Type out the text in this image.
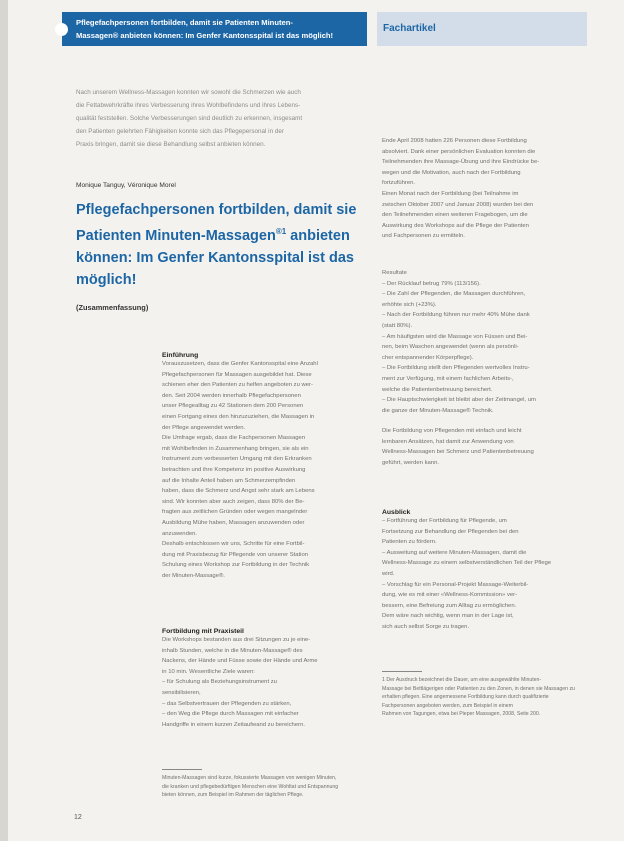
Pflegefachpersonen fortbilden, damit sie Patienten Minuten-
Massagen® anbieten können: Im Genfer Kantonsspital ist das möglich!
Fachartikel
Nach unserem Wellness-Massagen konnten wir sowohl die Schmerzen wie auch
die Fettabwehrkräfte ihres Verbesserung ihres Wohlbefindens und ihres Lebens-
qualität feststellen. Solche Verbesserungen sind deutlich zu erkennen, insgesamt
den Patienten gelehrten Fähigkeiten konnte sich das Pflegepersonal in der
Praxis bringen, damit sie diese Behandlung selbst anbieten können.
Monique Tanguy, Véronique Morel
Pflegefachpersonen fortbilden, damit sie Patienten Minuten-Massagen$^{®1}$ anbieten können: Im Genfer Kantonsspital ist das möglich!
(Zusammenfassung)
Einführung
Vorauszusetzen, dass die Genfer Kantonsspital eine Anzahl
Pflegefachpersonen für Massagen ausgebildet hat. Diese
schienen eher den Patienten zu helfen angeboten zu wer-
den. Seit 2004 werden innerhalb Pflegefachpersonen
unser Pflegealltag zu 42 Stationen dem 200 Personen
einen Fortgang eines den hinzuzuziehen, die Massagen in
der Pflege angewendet werden.
Die Umfrage ergab, dass die Fachpersonen Massagen
mit Wohlbefinden in Zusammenhang bringen, sie als ein
Instrument zum verbesserten Umgang mit den Erkranken
betrachten und ihre Kompetenz im positive Auswirkung
auf die Inhalte Anteil haben am Schmerzempfinden
haben, dass die Schmerz und Angst sehr stark am Lebens
sind. Wir konnten aber auch zeigen, dass 80% der Be-
fragten aus zeitlichen Gründen oder wegen mangelnder
Ausbildung Mühe haben, Massagen anzuwenden oder
anzuwenden.
Deshalb entschlossen wir uns, Schritte für eine Fortbil-
dung mit Praxisbezug für Pflegende von unserer Station
Schulung eines Workshop zur Fortbildung in der Technik
der Minuten-Massage®.
Fortbildung mit Praxisteil
Die Workshops bestanden aus drei Sitzungen zu je eine-
inhalb Stunden, welche in die Minuten-Massage® des
Nackens, der Hände und Füsse sowie der Hände und Arme
in 10 min. Wesentliche Ziele waren:
– für Schulung als Beziehungsinstrument zu
sensibilisieren,
– das Selbstvertrauen der Pflegenden zu stärken,
– den Weg die Pflege durch Massagen mit einfacher
Handgriffe in einem kurzen Zeitaufwand zu bereichern.
Minuten-Massagen sind kurze, fokussierte Massagen von wenigen Minuten,
die kranken und pflegebedürftigen Menschen eine Wohltat und Entspannung
bieten können, zum Beispiel im Rahmen der täglichen Pflege.
Ende April 2008 hatten 226 Personen diese Fortbildung
absolviert. Dank einer persönlichen Evaluation konnten die
Teilnehmenden ihre Massage-Übung und ihre Eindrücke be-
wegen und die Motivation, auch nach der Fortbildung
fortzuführen.
Einen Monat nach der Fortbildung (bei Teilnahme im
zwischen Oktober 2007 und Januar 2008) wurden bei den
den Teilnehmenden einen weiteren Fragebogen, um die
Auswirkung des Workshops auf die Pflege der Patienten
und Fachpersonen zu ermitteln.
Resultate
– Der Rücklauf betrug 79% (113/156).
– Die Zahl der Pflegenden, die Massagen durchführen,
erhöhte sich (+23%).
– Nach der Fortbildung führen nur mehr 40% Mühe dank
(statt 80%).
– Am häufigsten wird die Massage von Füssen und Bei-
nen, beim Waschen angewendet (wenn als persönli-
cher entspannender Körperpflege).
– Die Fortbildung stellt den Pflegenden wertvolles Instru-
ment zur Verfügung, mit einem fachlichen Arbeits-,
welche die Patientenbetreuung bereichert.
– Die Hauptschwierigkeit ist bleibt aber der Zeitmangel, um
die ganze der Minuten-Massage® Technik.
Die Fortbildung von Pflegenden mit einfach und leicht
lernbaren Ansätzen, hat damit zur Anwendung von
Wellness-Massagen bei Schmerz und Patientenbetreuung
geführt, werden kann.
Ausblick
– Fortführung der Fortbildung für Pflegende, um
Fortsetzung zur Behandlung der Pflegenden bei den
Patienten zu fördern.
– Ausweitung auf weitere Minuten-Massagen, damit die
Wellness-Massage zu einem selbstverständlichen Teil der Pflege
wird.
– Vorschlag für ein Personal-Projekt Massage-Weiterbil-
dung, wie es mit einer «Wellness-Kommission» ver-
bessern, eine Befreiung zum Alltag zu ermöglichen.
Dem wäre nach wichtig, wenn man in der Lage ist,
sich auch selbst Sorge zu tragen.
1 Der Ausdruck bezeichnet die Dauer, um eine ausgewählte Minuten-
Massage bei Bettlägerigen oder Patienten zu den Zonen, in denen sie Massagen zu
erhalten pflegen. Eine angemessene Fortbildung kann durch qualifizierte
Fachpersonen angeboten werden, zum Beispiel in einem
Rahmen von Tagungen, etwa bei Pieper Massagen, 2008, Seite 200.
12
